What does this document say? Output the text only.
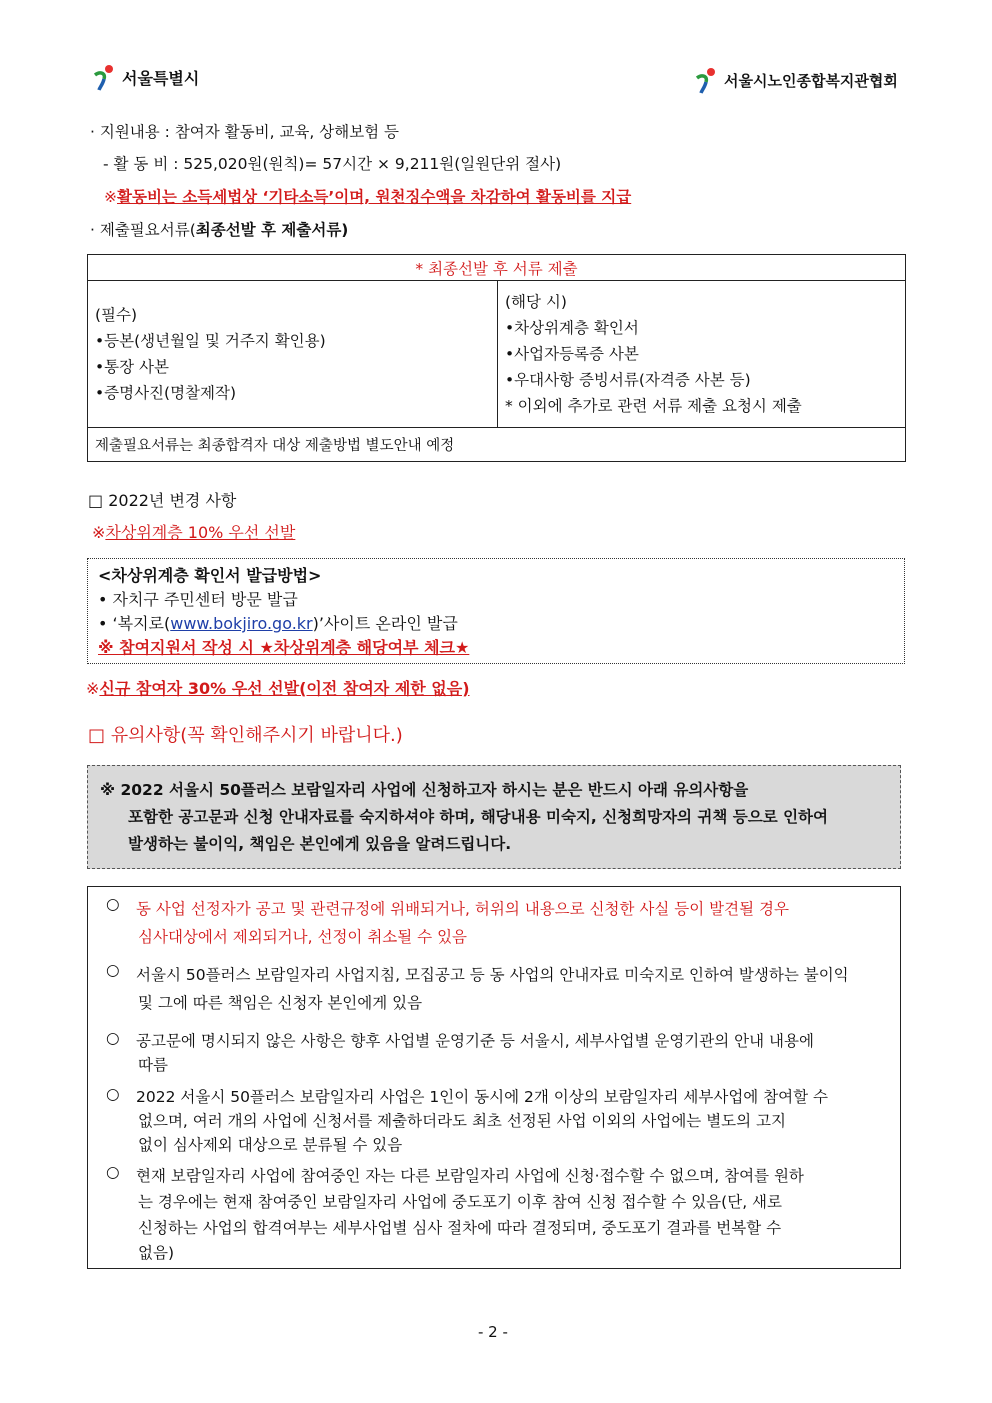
서울특별시	서울시노인종합복지관협회
· 지원내용 : 참여자 활동비, 교육, 상해보험 등
- 활 동 비 : 525,020원(원칙)= 57시간 × 9,211원(일원단위 절사)
※활동비는 소득세법상 ‘기타소득’이며, 원천징수액을 차감하여 활동비를 지급
· 제출필요서류(최종선발 후 제출서류)
* 최종선발 후 서류 제출

(필수)
•등본(생년월일 및 거주지 확인용)
•통장 사본
•증명사진(명찰제작)

(해당 시)
•차상위계층 확인서
•사업자등록증 사본
•우대사항 증빙서류(자격증 사본 등)
* 이외에 추가로 관련 서류 제출 요청시 제출

제출필요서류는 최종합격자 대상 제출방법 별도안내 예정
□ 2022년 변경 사항
※차상위계층 10% 우선 선발
<차상위계층 확인서 발급방법>
• 자치구 주민센터 방문 발급
• ‘복지로(www.bokjiro.go.kr)’사이트 온라인 발급
※ 참여지원서 작성 시 ★차상위계층 해당여부 체크★
※신규 참여자 30% 우선 선발(이전 참여자 제한 없음)
□ 유의사항(꼭 확인해주시기 바랍니다.)
※ 2022 서울시 50플러스 보람일자리 사업에 신청하고자 하시는 분은 반드시 아래 유의사항을
포함한 공고문과 신청 안내자료를 숙지하셔야 하며, 해당내용 미숙지, 신청희망자의 귀책 등으로 인하여
발생하는 불이익, 책임은 본인에게 있음을 알려드립니다.
○	동 사업 선정자가 공고 및 관련규정에 위배되거나, 허위의 내용으로 신청한 사실 등이 발견될 경우
심사대상에서 제외되거나, 선정이 취소될 수 있음
○	서울시 50플러스 보람일자리 사업지침, 모집공고 등 동 사업의 안내자료 미숙지로 인하여 발생하는 불이익
및 그에 따른 책임은 신청자 본인에게 있음
○	공고문에 명시되지 않은 사항은 향후 사업별 운영기준 등 서울시, 세부사업별 운영기관의 안내 내용에
따름
○	2022 서울시 50플러스 보람일자리 사업은 1인이 동시에 2개 이상의 보람일자리 세부사업에 참여할 수
없으며, 여러 개의 사업에 신청서를 제출하더라도 최초 선정된 사업 이외의 사업에는 별도의 고지
없이 심사제외 대상으로 분류될 수 있음
○	현재 보람일자리 사업에 참여중인 자는 다른 보람일자리 사업에 신청·접수할 수 없으며, 참여를 원하
는 경우에는 현재 참여중인 보람일자리 사업에 중도포기 이후 참여 신청 접수할 수 있음(단, 새로
신청하는 사업의 합격여부는 세부사업별 심사 절차에 따라 결정되며, 중도포기 결과를 번복할 수
없음)
- 2 -
